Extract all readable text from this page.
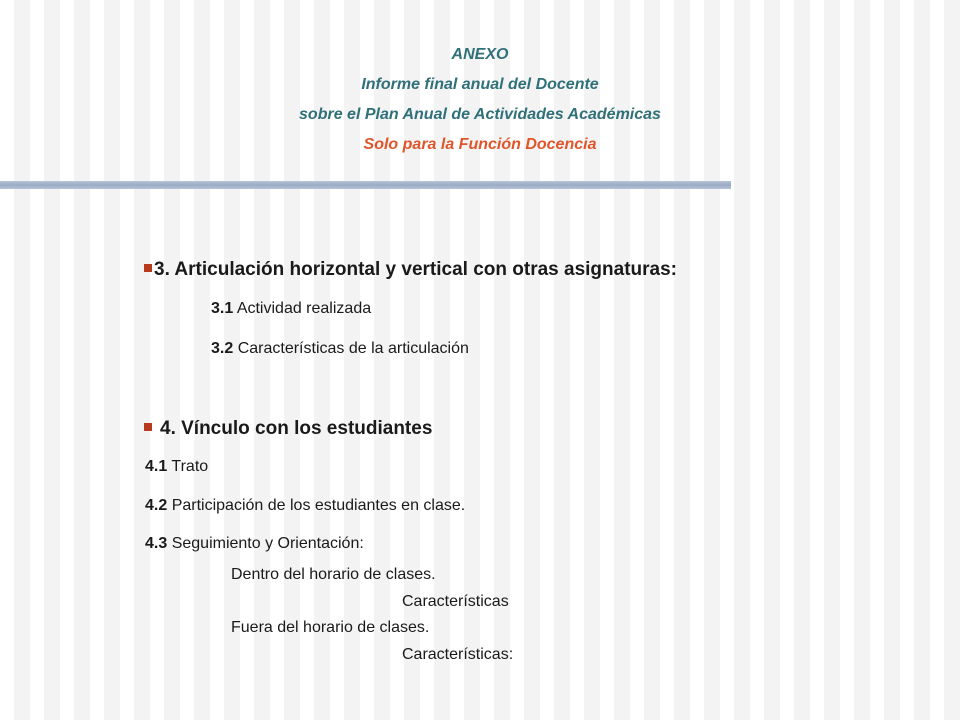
ANEXO
Informe final anual del Docente
sobre el Plan Anual de Actividades Académicas
Solo para la Función Docencia
3. Articulación horizontal y vertical con otras asignaturas:
3.1 Actividad realizada
3.2 Características de la articulación
4. Vínculo con los estudiantes
4.1 Trato
4.2 Participación de los estudiantes en clase.
4.3 Seguimiento y Orientación:
Dentro del horario de clases.
Características
Fuera del horario de clases.
Características:
